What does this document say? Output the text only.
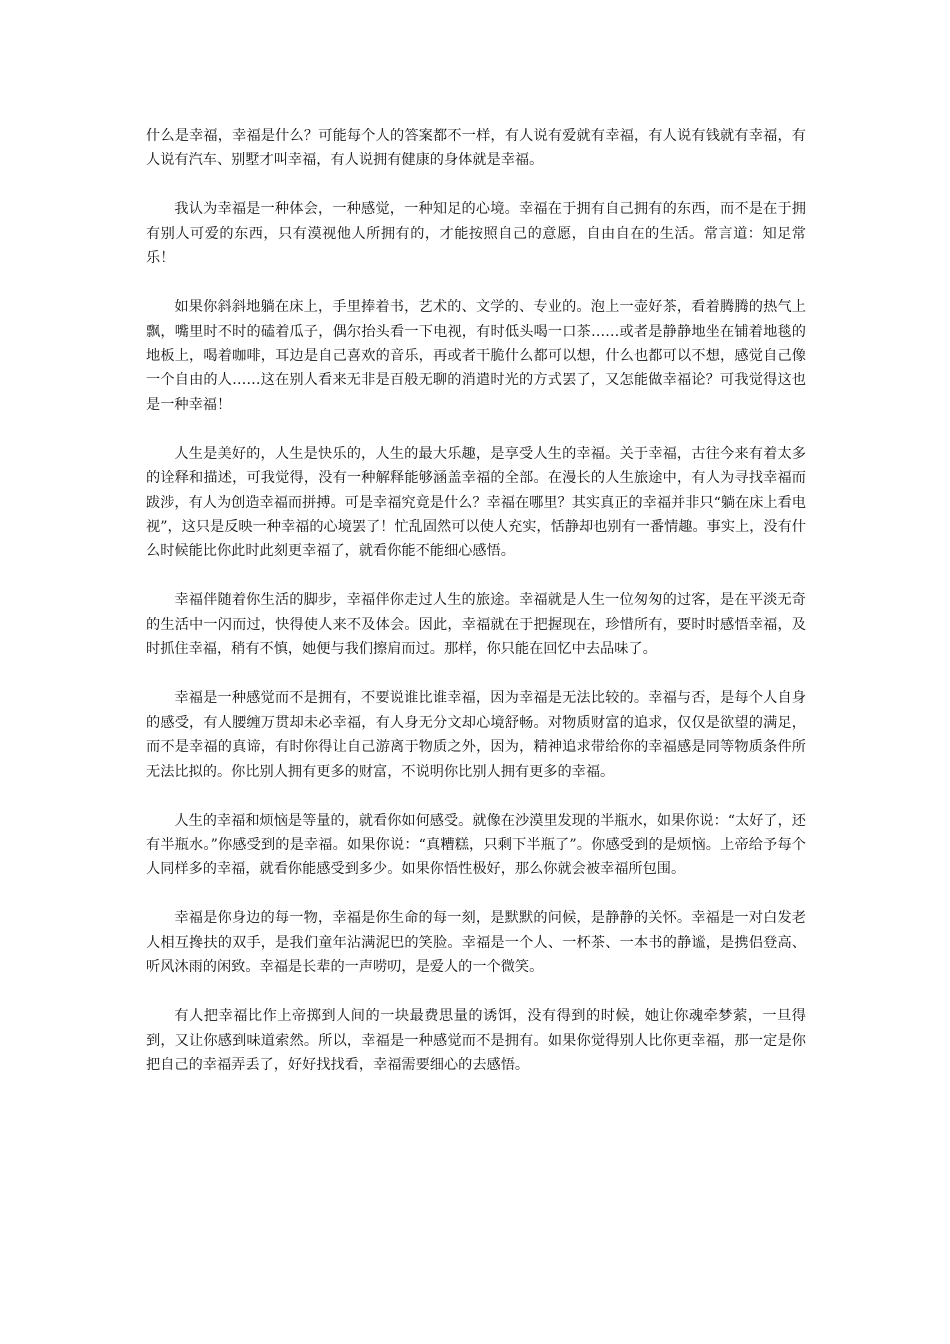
什么是幸福，幸福是什么？可能每个人的答案都不一样，有人说有爱就有幸福，有人说有钱就有幸福，有人说有汽车、别墅才叫幸福，有人说拥有健康的身体就是幸福。

我认为幸福是一种体会，一种感觉，一种知足的心境。幸福在于拥有自己拥有的东西，而不是在于拥有别人可爱的东西，只有漠视他人所拥有的，才能按照自己的意愿，自由自在的生活。常言道：知足常乐！

如果你斜斜地躺在床上，手里捧着书，艺术的、文学的、专业的。泡上一壶好茶，看着腾腾的热气上飘，嘴里时不时的磕着瓜子，偶尔抬头看一下电视，有时低头喝一口茶……或者是静静地坐在铺着地毯的地板上，喝着咖啡，耳边是自己喜欢的音乐，再或者干脆什么都可以想，什么也都可以不想，感觉自己像一个自由的人……这在别人看来无非是百般无聊的消遣时光的方式罢了，又怎能做幸福论？可我觉得这也是一种幸福！

人生是美好的，人生是快乐的，人生的最大乐趣，是享受人生的幸福。关于幸福，古往今来有着太多的诠释和描述，可我觉得，没有一种解释能够涵盖幸福的全部。在漫长的人生旅途中，有人为寻找幸福而跋涉，有人为创造幸福而拼搏。可是幸福究竟是什么？幸福在哪里？其实真正的幸福并非只“躺在床上看电视”，这只是反映一种幸福的心境罢了！忙乱固然可以使人充实，恬静却也别有一番情趣。事实上，没有什么时候能比你此时此刻更幸福了，就看你能不能细心感悟。

幸福伴随着你生活的脚步，幸福伴你走过人生的旅途。幸福就是人生一位匆匆的过客，是在平淡无奇的生活中一闪而过，快得使人来不及体会。因此，幸福就在于把握现在，珍惜所有，要时时感悟幸福，及时抓住幸福，稍有不慎，她便与我们擦肩而过。那样，你只能在回忆中去品味了。

幸福是一种感觉而不是拥有，不要说谁比谁幸福，因为幸福是无法比较的。幸福与否，是每个人自身的感受，有人腰缠万贯却未必幸福，有人身无分文却心境舒畅。对物质财富的追求，仅仅是欲望的满足，而不是幸福的真谛，有时你得让自己游离于物质之外，因为，精神追求带给你的幸福感是同等物质条件所无法比拟的。你比别人拥有更多的财富，不说明你比别人拥有更多的幸福。

人生的幸福和烦恼是等量的，就看你如何感受。就像在沙漠里发现的半瓶水，如果你说：“太好了，还有半瓶水。”你感受到的是幸福。如果你说：“真糟糕，只剩下半瓶了”。你感受到的是烦恼。上帝给予每个人同样多的幸福，就看你能感受到多少。如果你悟性极好，那么你就会被幸福所包围。

幸福是你身边的每一物，幸福是你生命的每一刻，是默默的问候，是静静的关怀。幸福是一对白发老人相互搀扶的双手，是我们童年沾满泥巴的笑脸。幸福是一个人、一杯茶、一本书的静谧，是携侣登高、听风沐雨的闲致。幸福是长辈的一声唠叨，是爱人的一个微笑。

有人把幸福比作上帝掷到人间的一块最费思量的诱饵，没有得到的时候，她让你魂牵梦萦，一旦得到，又让你感到味道索然。所以，幸福是一种感觉而不是拥有。如果你觉得别人比你更幸福，那一定是你把自己的幸福弄丢了，好好找找看，幸福需要细心的去感悟。
